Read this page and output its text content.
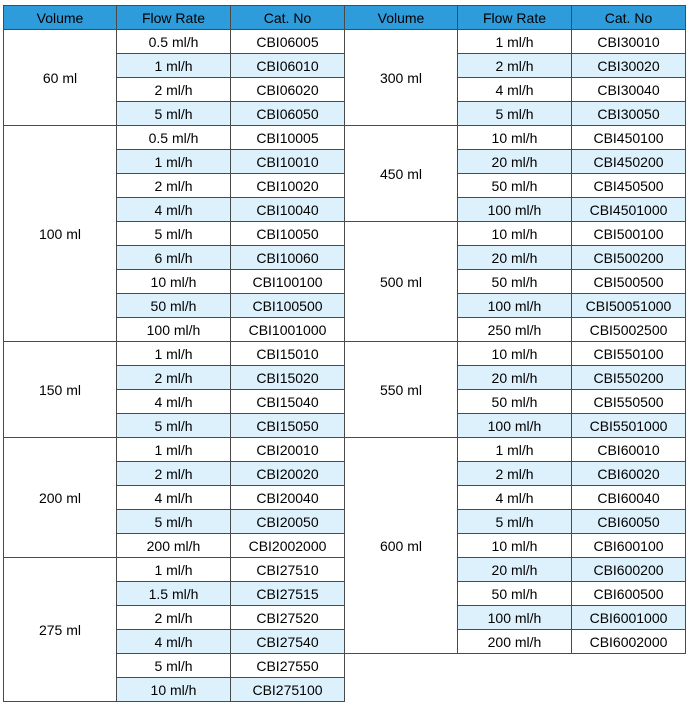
Volume	Flow Rate	Cat. No	Volume	Flow Rate	Cat. No
60 ml	0.5 ml/h	CBI06005	300 ml	1 ml/h	CBI30010
	1 ml/h	CBI06010		2 ml/h	CBI30020
	2 ml/h	CBI06020		4 ml/h	CBI30040
	5 ml/h	CBI06050		5 ml/h	CBI30050
100 ml	0.5 ml/h	CBI10005	450 ml	10 ml/h	CBI450100
	1 ml/h	CBI10010		20 ml/h	CBI450200
	2 ml/h	CBI10020		50 ml/h	CBI450500
	4 ml/h	CBI10040		100 ml/h	CBI4501000
	5 ml/h	CBI10050	500 ml	10 ml/h	CBI500100
	6 ml/h	CBI10060		20 ml/h	CBI500200
	10 ml/h	CBI100100		50 ml/h	CBI500500
	50 ml/h	CBI100500		100 ml/h	CBI50051000
	100 ml/h	CBI1001000		250 ml/h	CBI5002500
150 ml	1 ml/h	CBI15010	550 ml	10 ml/h	CBI550100
	2 ml/h	CBI15020		20 ml/h	CBI550200
	4 ml/h	CBI15040		50 ml/h	CBI550500
	5 ml/h	CBI15050		100 ml/h	CBI5501000
200 ml	1 ml/h	CBI20010	600 ml	1 ml/h	CBI60010
	2 ml/h	CBI20020		2 ml/h	CBI60020
	4 ml/h	CBI20040		4 ml/h	CBI60040
	5 ml/h	CBI20050		5 ml/h	CBI60050
	200 ml/h	CBI2002000		10 ml/h	CBI600100
275 ml	1 ml/h	CBI27510		20 ml/h	CBI600200
	1.5 ml/h	CBI27515		50 ml/h	CBI600500
	2 ml/h	CBI27520		100 ml/h	CBI6001000
	4 ml/h	CBI27540		200 ml/h	CBI6002000
	5 ml/h	CBI27550			
	10 ml/h	CBI275100			
